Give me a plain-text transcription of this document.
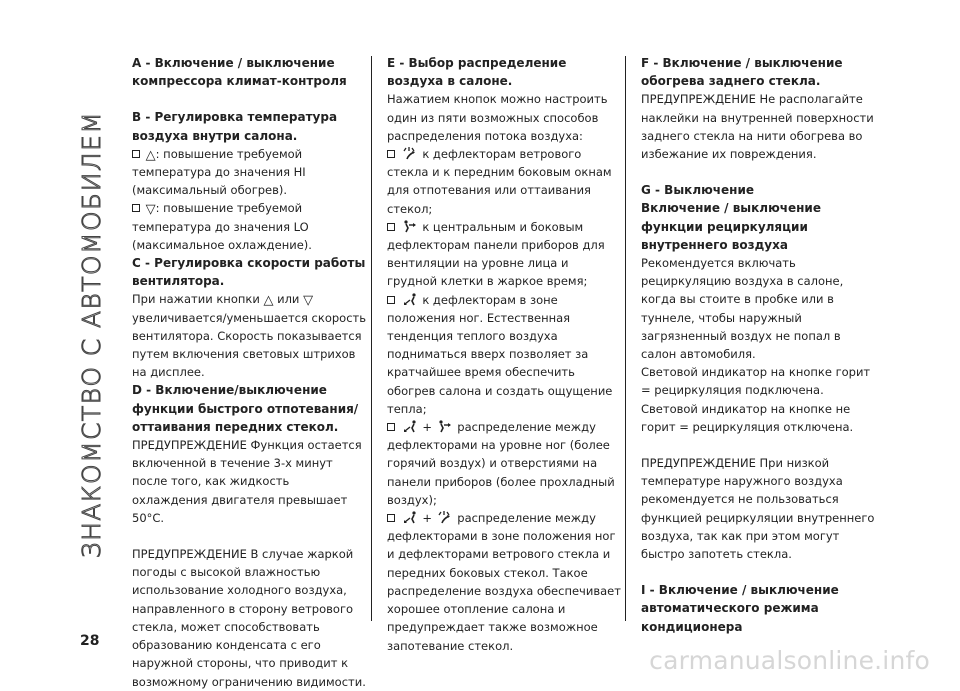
ЗНАКОМСТВО С АВТОМОБИЛЕМ
28
A - Включение / выключение компрессора климат-контроля
B - Регулировка температура воздуха внутри салона.

△: повышение требуемой температура до значения HI (максимальный обогрев).

▽: повышение требуемой температура до значения LO (максимальное охлаждение).

C - Регулировка скорости работы вентилятора.

При нажатии кнопки △ или ▽ увеличивается/уменьшается скорость вентилятора. Скорость показывается путем включения световых штрихов на дисплее.

D - Включение/выключение функции быстрого отпотевания/оттаивания передних стекол.

ПРЕДУПРЕЖДЕНИЕ Функция остается включенной в течение 3-х минут после того, как жидкость охлаждения двигателя превышает 50°C.

ПРЕДУПРЕЖДЕНИЕ В случае жаркой погоды с высокой влажностью использование холодного воздуха, направленного в сторону ветрового стекла, может способствовать образованию конденсата с его наружной стороны, что приводит к возможному ограничению видимости.

E - Выбор распределение воздуха в салоне.

Нажатием кнопок можно настроить один из пяти возможных способов распределения потока воздуха:

к дефлекторам ветрового стекла и к передним боковым окнам для отпотевания или оттаивания стекол;

к центральным и боковым дефлекторам панели приборов для вентиляции на уровне лица и грудной клетки в жаркое время;

к дефлекторам в зоне положения ног. Естественная тенденция теплого воздуха подниматься вверх позволяет за кратчайшее время обеспечить обогрев салона и создать ощущение тепла;

+ распределение между дефлекторами на уровне ног (более горячий воздух) и отверстиями на панели приборов (более прохладный воздух);

+ распределение между дефлекторами в зоне положения ног и дефлекторами ветрового стекла и передних боковых стекол. Такое распределение воздуха обеспечивает хорошее отопление салона и предупреждает также возможное запотевание стекол.

F - Включение / выключение обогрева заднего стекла.

ПРЕДУПРЕЖДЕНИЕ Не располагайте наклейки на внутренней поверхности заднего стекла на нити обогрева во избежание их повреждения.

G - Выключение
Включение / выключение функции рециркуляции внутреннего воздуха

Рекомендуется включать рециркуляцию воздуха в салоне, когда вы стоите в пробке или в туннеле, чтобы наружный загрязненный воздух не попал в салон автомобиля.

Световой индикатор на кнопке горит = рециркуляция подключена.

Световой индикатор на кнопке не горит = рециркуляция отключена.

ПРЕДУПРЕЖДЕНИЕ При низкой температуре наружного воздуха рекомендуется не пользоваться функцией рециркуляции внутреннего воздуха, так как при этом могут быстро запотеть стекла.

I - Включение / выключение автоматического режима кондиционера
carmanualsonline.info
